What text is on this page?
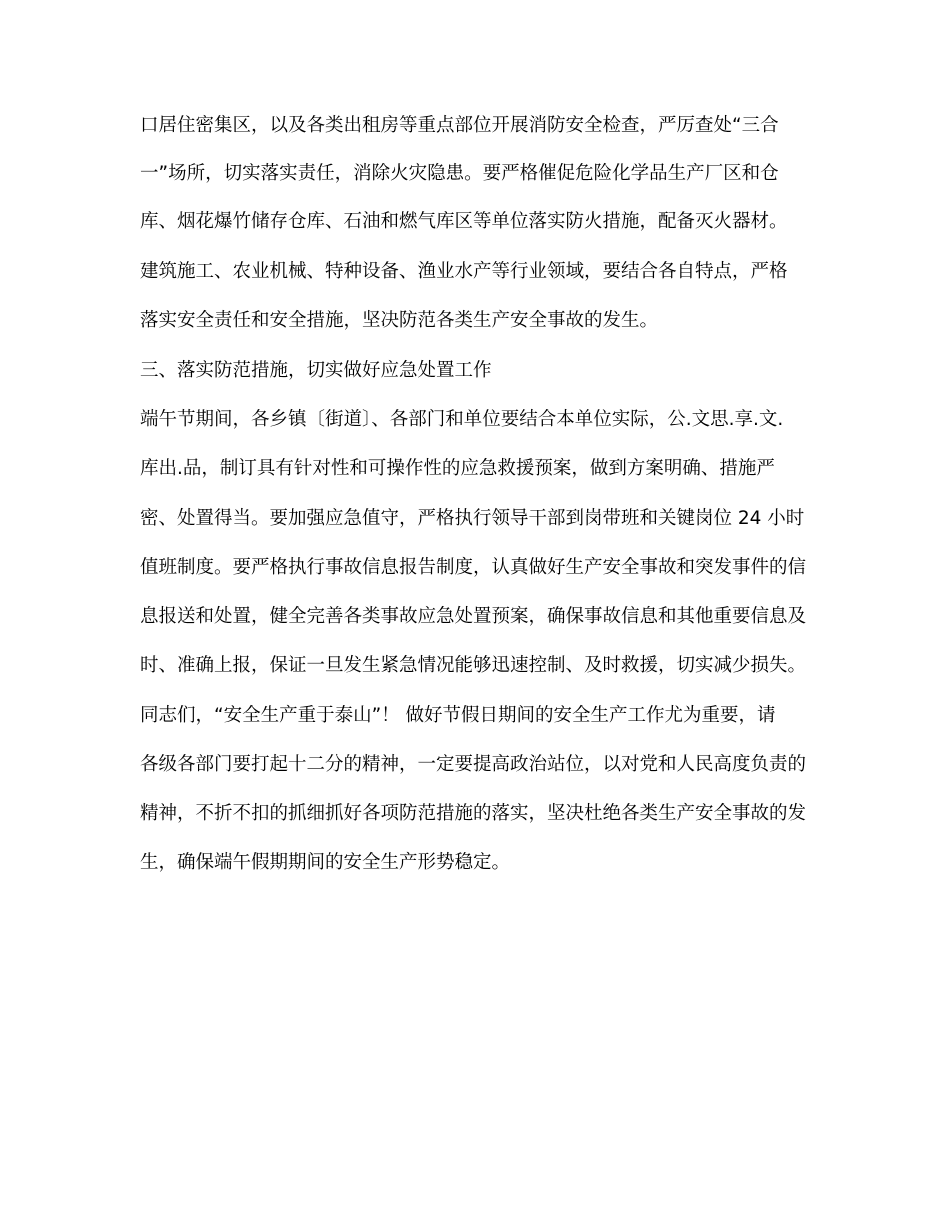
口居住密集区，以及各类出租房等重点部位开展消防安全检查，严厉查处“三合
一”场所，切实落实责任，消除火灾隐患。要严格催促危险化学品生产厂区和仓
库、烟花爆竹储存仓库、石油和燃气库区等单位落实防火措施，配备灭火器材。
建筑施工、农业机械、特种设备、渔业水产等行业领域，要结合各自特点，严格
落实安全责任和安全措施，坚决防范各类生产安全事故的发生。
三、落实防范措施，切实做好应急处置工作
端午节期间，各乡镇〔街道〕、各部门和单位要结合本单位实际，公.文思.享.文.
库出.品，制订具有针对性和可操作性的应急救援预案，做到方案明确、措施严
密、处置得当。要加强应急值守，严格执行领导干部到岗带班和关键岗位 24 小时
值班制度。要严格执行事故信息报告制度，认真做好生产安全事故和突发事件的信
息报送和处置，健全完善各类事故应急处置预案，确保事故信息和其他重要信息及
时、准确上报，保证一旦发生紧急情况能够迅速控制、及时救援，切实减少损失。
同志们，“安全生产重于泰山”！ 做好节假日期间的安全生产工作尤为重要，请
各级各部门要打起十二分的精神，一定要提高政治站位，以对党和人民高度负责的
精神，不折不扣的抓细抓好各项防范措施的落实，坚决杜绝各类生产安全事故的发
生，确保端午假期期间的安全生产形势稳定。
